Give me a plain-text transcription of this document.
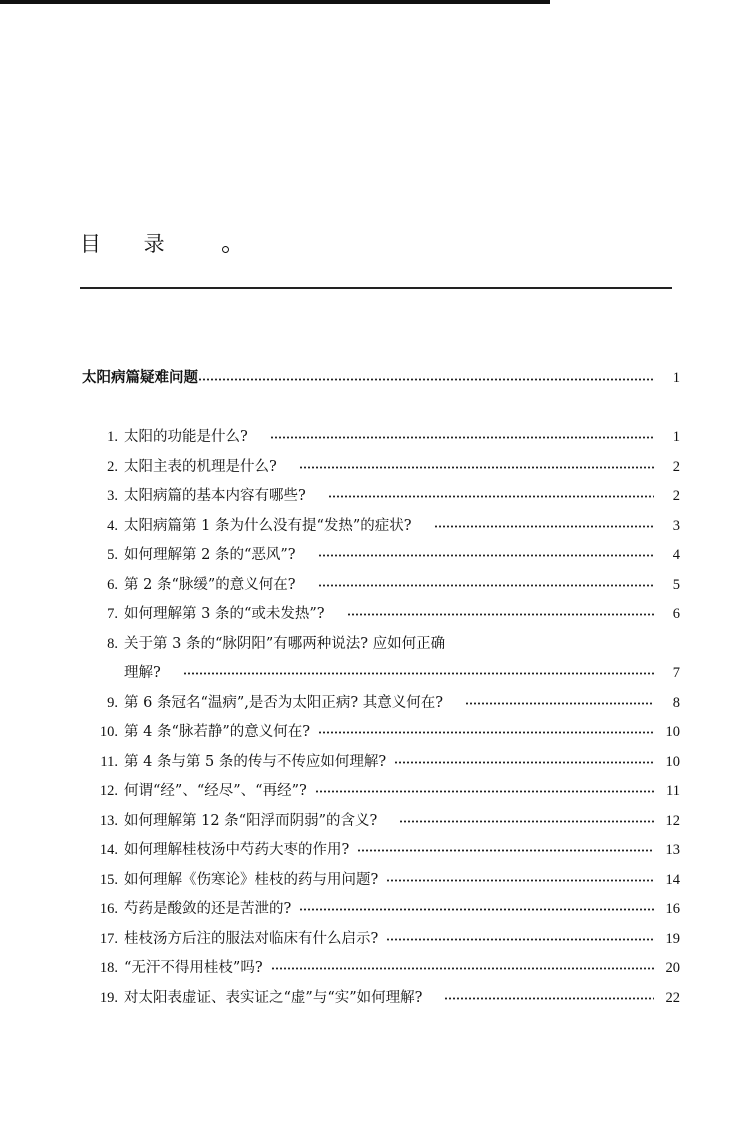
目 录
太阳病篇疑难问题	1
1. 太阳的功能是什么?	1
2. 太阳主表的机理是什么?	2
3. 太阳病篇的基本内容有哪些?	2
4. 太阳病篇第 1 条为什么没有提“发热”的症状?	3
5. 如何理解第 2 条的“恶风”?	4
6. 第 2 条“脉缓”的意义何在?	5
7. 如何理解第 3 条的“或未发热”?	6
8. 关于第 3 条的“脉阴阳”有哪两种说法? 应如何正确
理解?	7
9. 第 6 条冠名“温病”,是否为太阳正病? 其意义何在?	8
10. 第 4 条“脉若静”的意义何在?	10
11. 第 4 条与第 5 条的传与不传应如何理解?	10
12. 何谓“经”、“经尽”、“再经”?	11
13. 如何理解第 12 条“阳浮而阴弱”的含义?	12
14. 如何理解桂枝汤中芍药大枣的作用?	13
15. 如何理解《伤寒论》桂枝的药与用问题?	14
16. 芍药是酸敛的还是苦泄的?	16
17. 桂枝汤方后注的服法对临床有什么启示?	19
18. “无汗不得用桂枝”吗?	20
19. 对太阳表虚证、表实证之“虚”与“实”如何理解?	22
